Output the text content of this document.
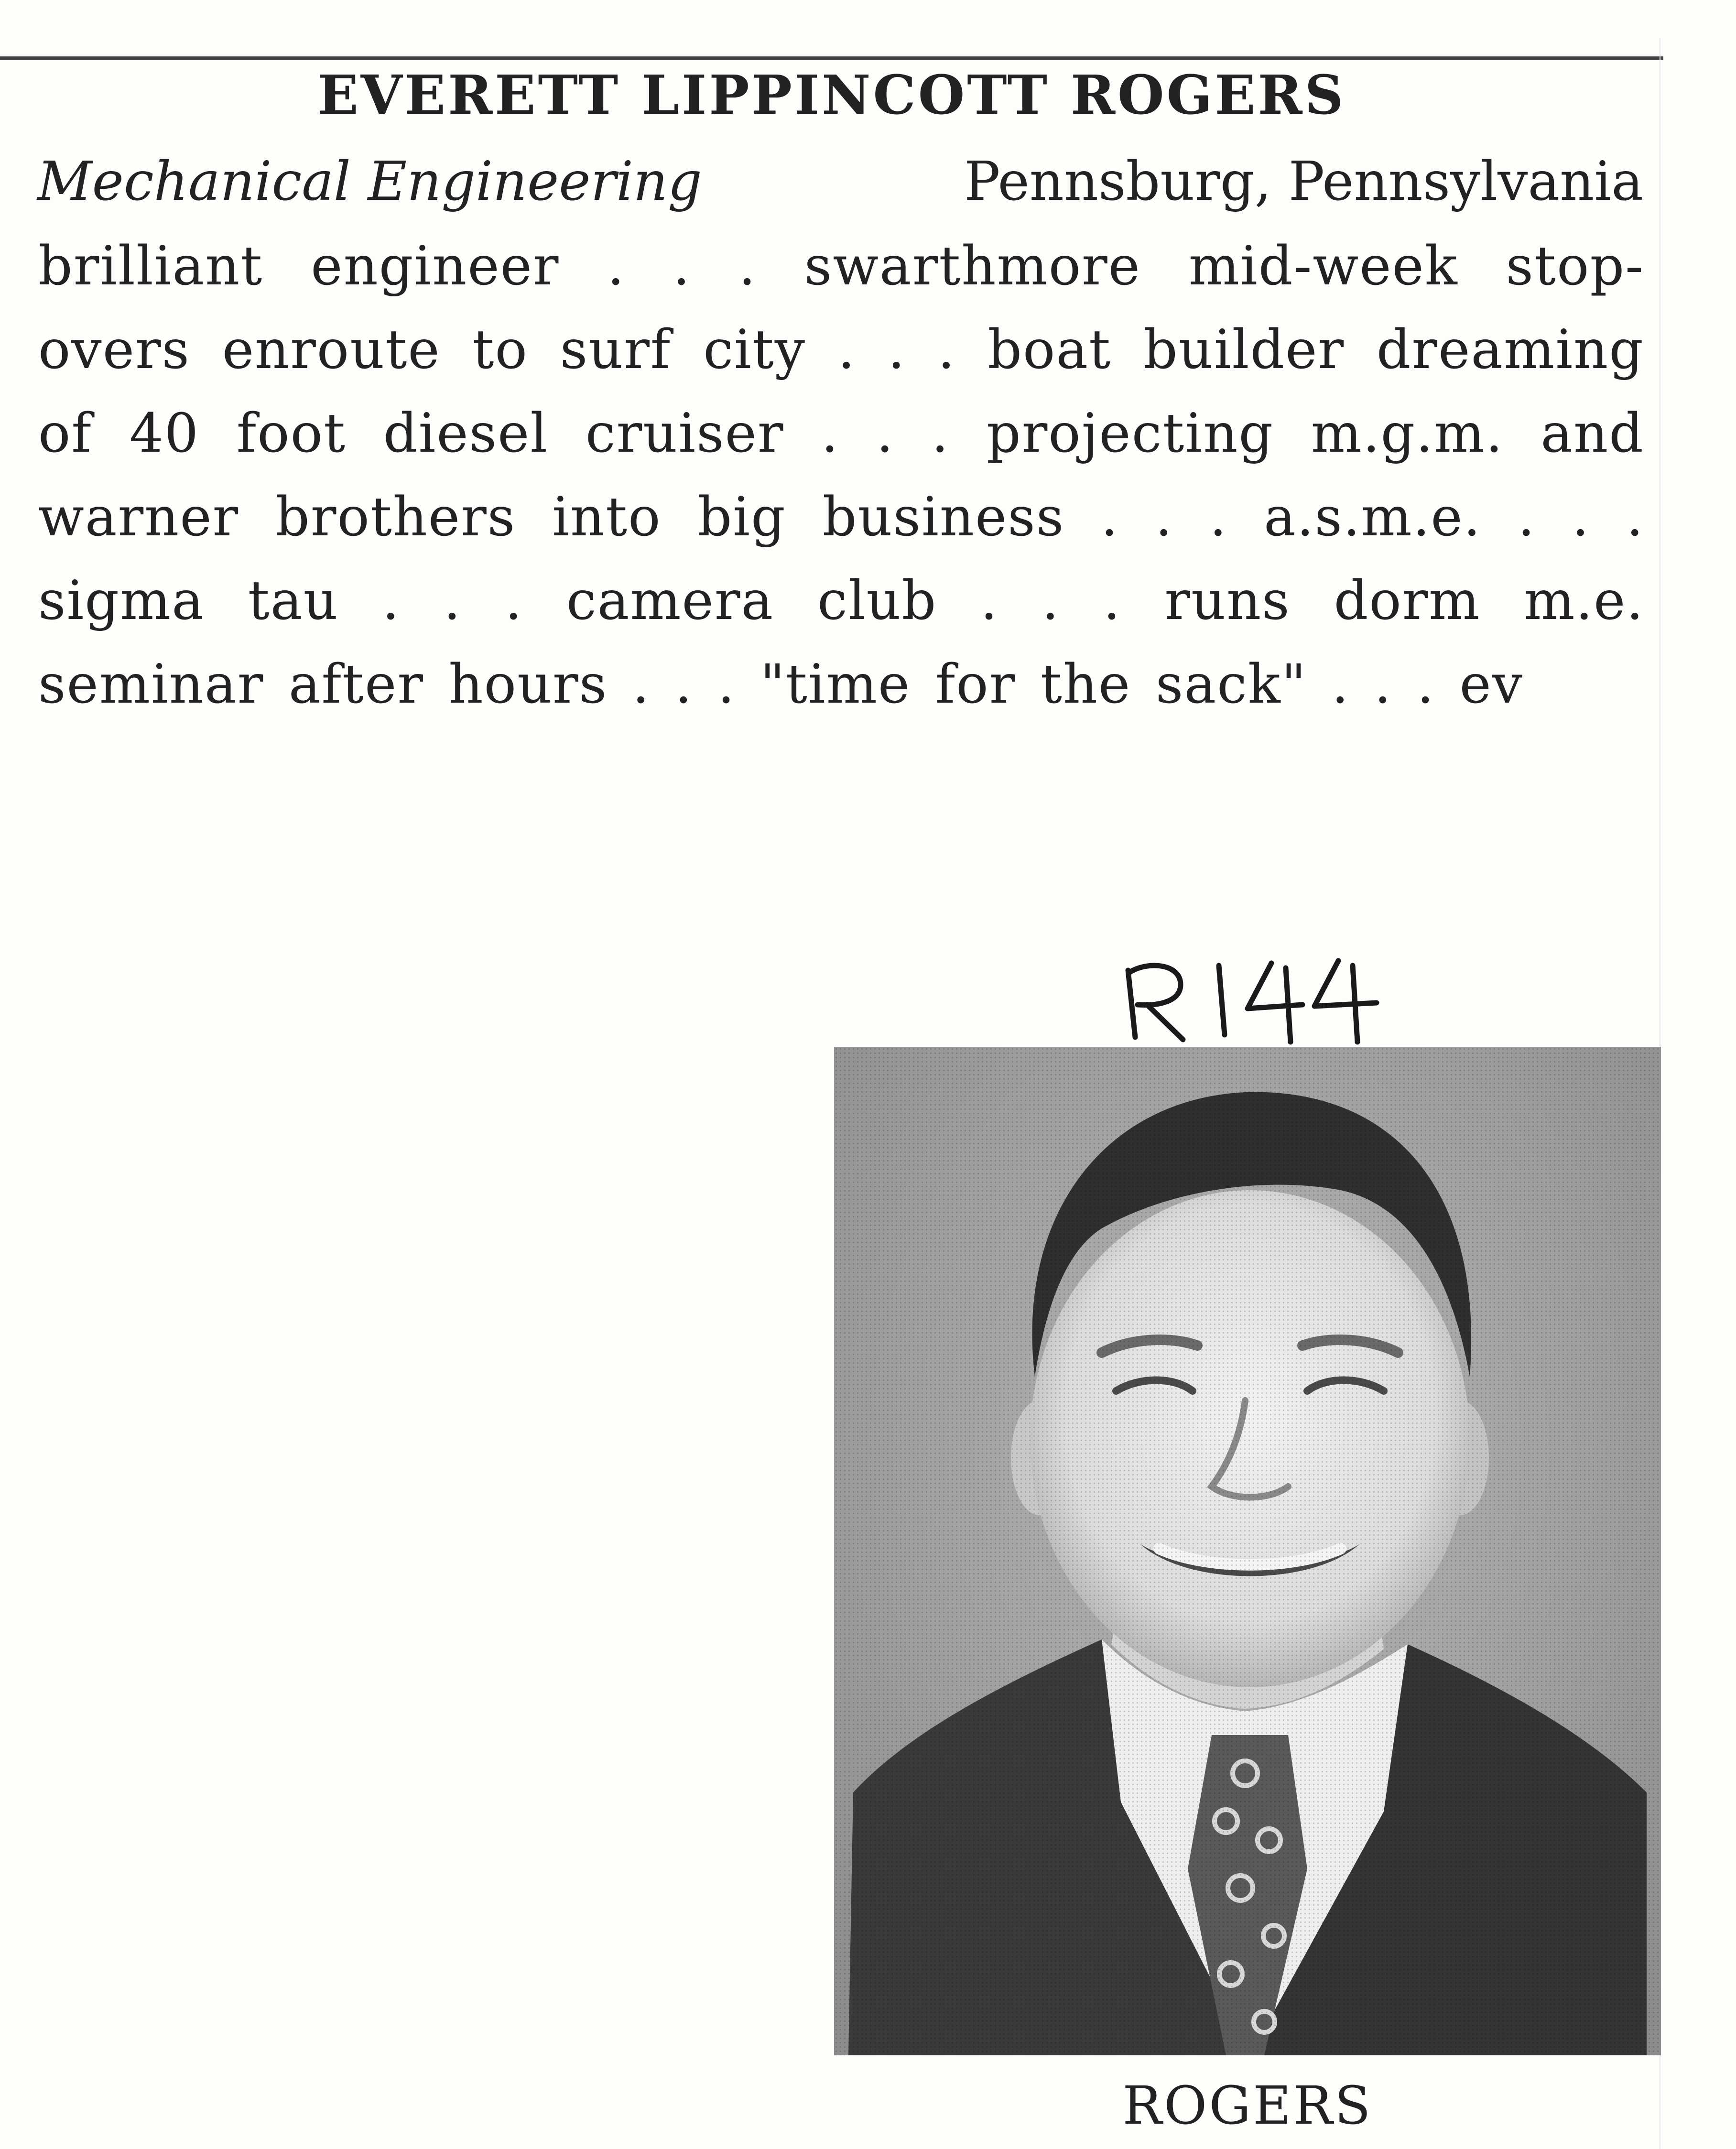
EVERETT LIPPINCOTT ROGERS
Mechanical Engineering	Pennsburg, Pennsylvania
brilliant engineer . . . swarthmore mid-week stop-
overs enroute to surf city . . . boat builder dreaming
of 40 foot diesel cruiser . . . projecting m.g.m. and
warner brothers into big business . . . a.s.m.e. . . .
sigma tau . . . camera club . . . runs dorm m.e.
seminar after hours . . . "time for the sack" . . . ev
ROGERS
